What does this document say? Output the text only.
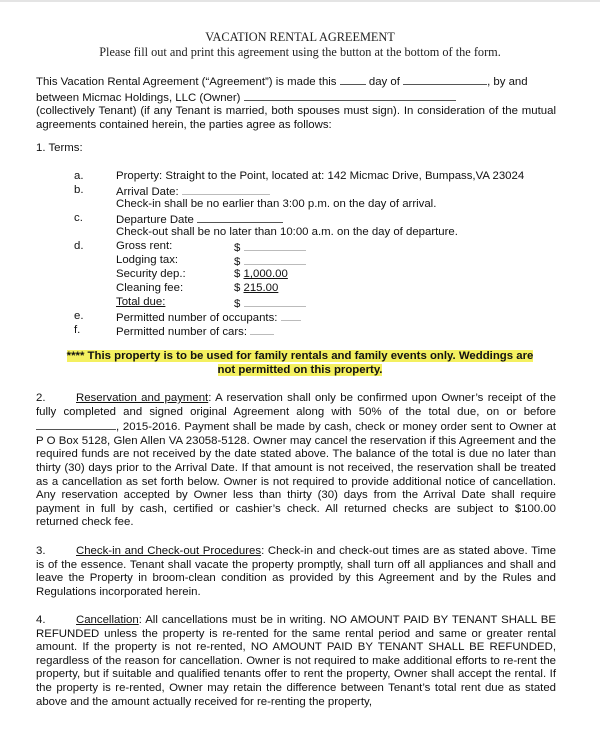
VACATION RENTAL AGREEMENT
Please fill out and print this agreement using the button at the bottom of the form.
This Vacation Rental Agreement (“Agreement”) is made this	day of	, by and
between Micmac Holdings, LLC (Owner)
(collectively Tenant) (if any Tenant is married, both spouses must sign). In consideration of the mutual agreements contained herein, the parties agree as follows:
1. Terms:
a.	Property: Straight to the Point, located at: 142 Micmac Drive, Bumpass,VA 23024
b.	Arrival Date:
Check-in shall be no earlier than 3:00 p.m. on the day of arrival.
c.	Departure Date
Check-out shall be no later than 10:00 a.m. on the day of departure.
d.	Gross rent:	$
Lodging tax:	$
Security dep.:	$ 1,000.00
Cleaning fee:	$ 215.00
Total due:	$
e.	Permitted number of occupants:
f.	Permitted number of cars:
**** This property is to be used for family rentals and family events only. Weddings are
not permitted on this property.
2.	Reservation and payment: A reservation shall only be confirmed upon Owner’s receipt of the fully completed and signed original Agreement along with 50% of the total due, on or before , 2015-2016. Payment shall be made by cash, check or money order sent to Owner at P O Box 5128, Glen Allen VA 23058-5128. Owner may cancel the reservation if this Agreement and the required funds are not received by the date stated above. The balance of the total is due no later than thirty (30) days prior to the Arrival Date. If that amount is not received, the reservation shall be treated as a cancellation as set forth below. Owner is not required to provide additional notice of cancellation. Any reservation accepted by Owner less than thirty (30) days from the Arrival Date shall require payment in full by cash, certified or cashier’s check. All returned checks are subject to $100.00 returned check fee.
3.	Check-in and Check-out Procedures: Check-in and check-out times are as stated above. Time is of the essence. Tenant shall vacate the property promptly, shall turn off all appliances and shall and leave the Property in broom-clean condition as provided by this Agreement and by the Rules and Regulations incorporated herein.
4.	Cancellation: All cancellations must be in writing. NO AMOUNT PAID BY TENANT SHALL BE REFUNDED unless the property is re-rented for the same rental period and same or greater rental amount. If the property is not re-rented, NO AMOUNT PAID BY TENANT SHALL BE REFUNDED, regardless of the reason for cancellation. Owner is not required to make additional efforts to re-rent the property, but if suitable and qualified tenants offer to rent the property, Owner shall accept the rental. If the property is re-rented, Owner may retain the difference between Tenant’s total rent due as stated above and the amount actually received for re-renting the property,
